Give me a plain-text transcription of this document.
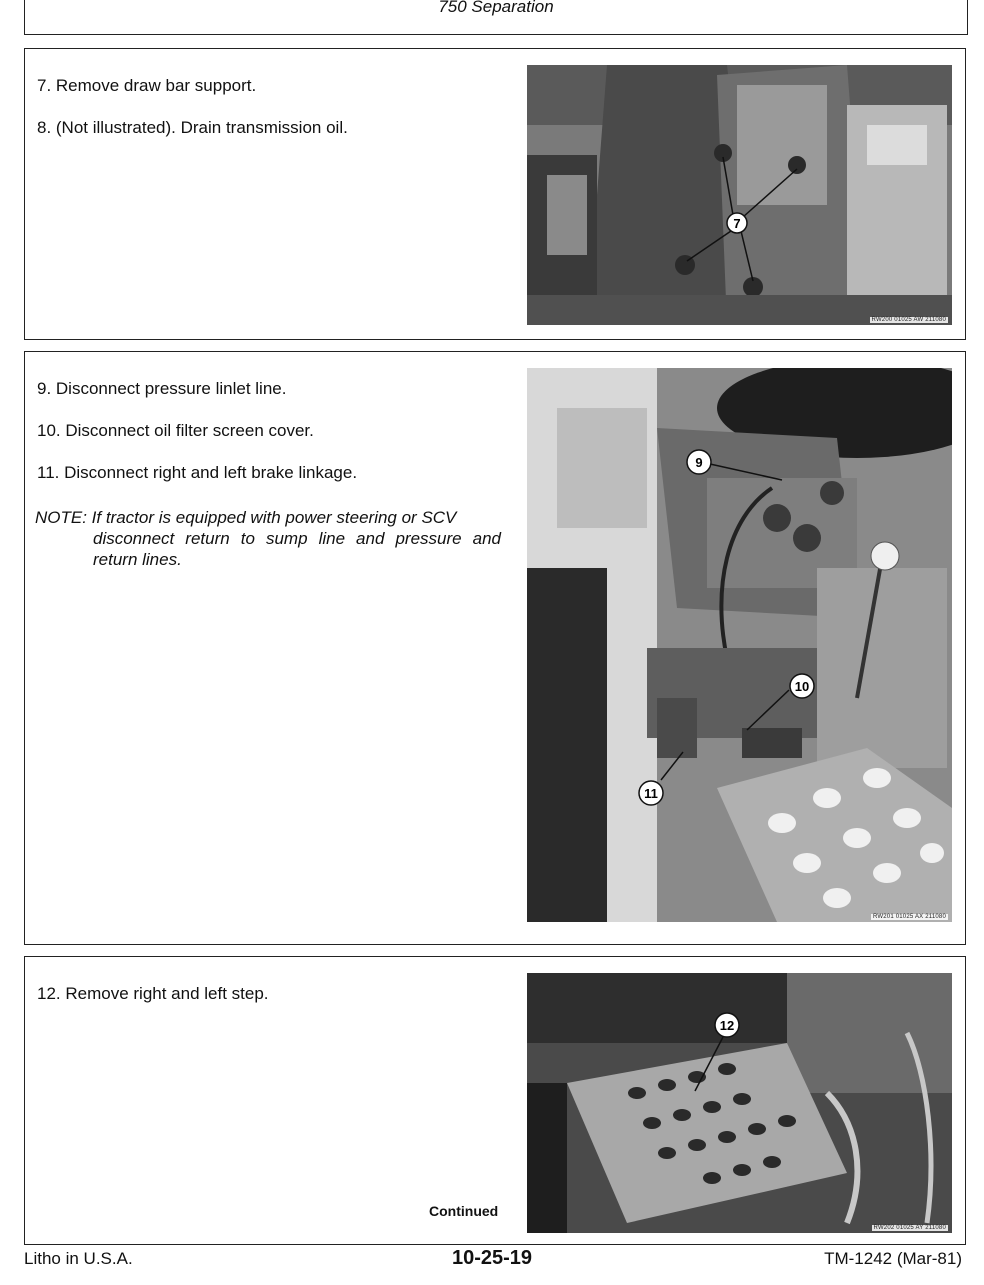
750 Separation
7. Remove draw bar support.
8. (Not illustrated). Drain transmission oil.
7
RW200 01025 AW 211080
9. Disconnect pressure linlet line.
10. Disconnect oil filter screen cover.
11. Disconnect right and left brake linkage.
NOTE: If tractor is equipped with power steering or SCV
disconnect return to sump line and pressure and return lines.
9
10
11
RW201 01025 AX 211080
12. Remove right and left step.
Continued
12
RW202 01025 AY 211080
Litho in U.S.A.	10-25-19	TM-1242 (Mar-81)
